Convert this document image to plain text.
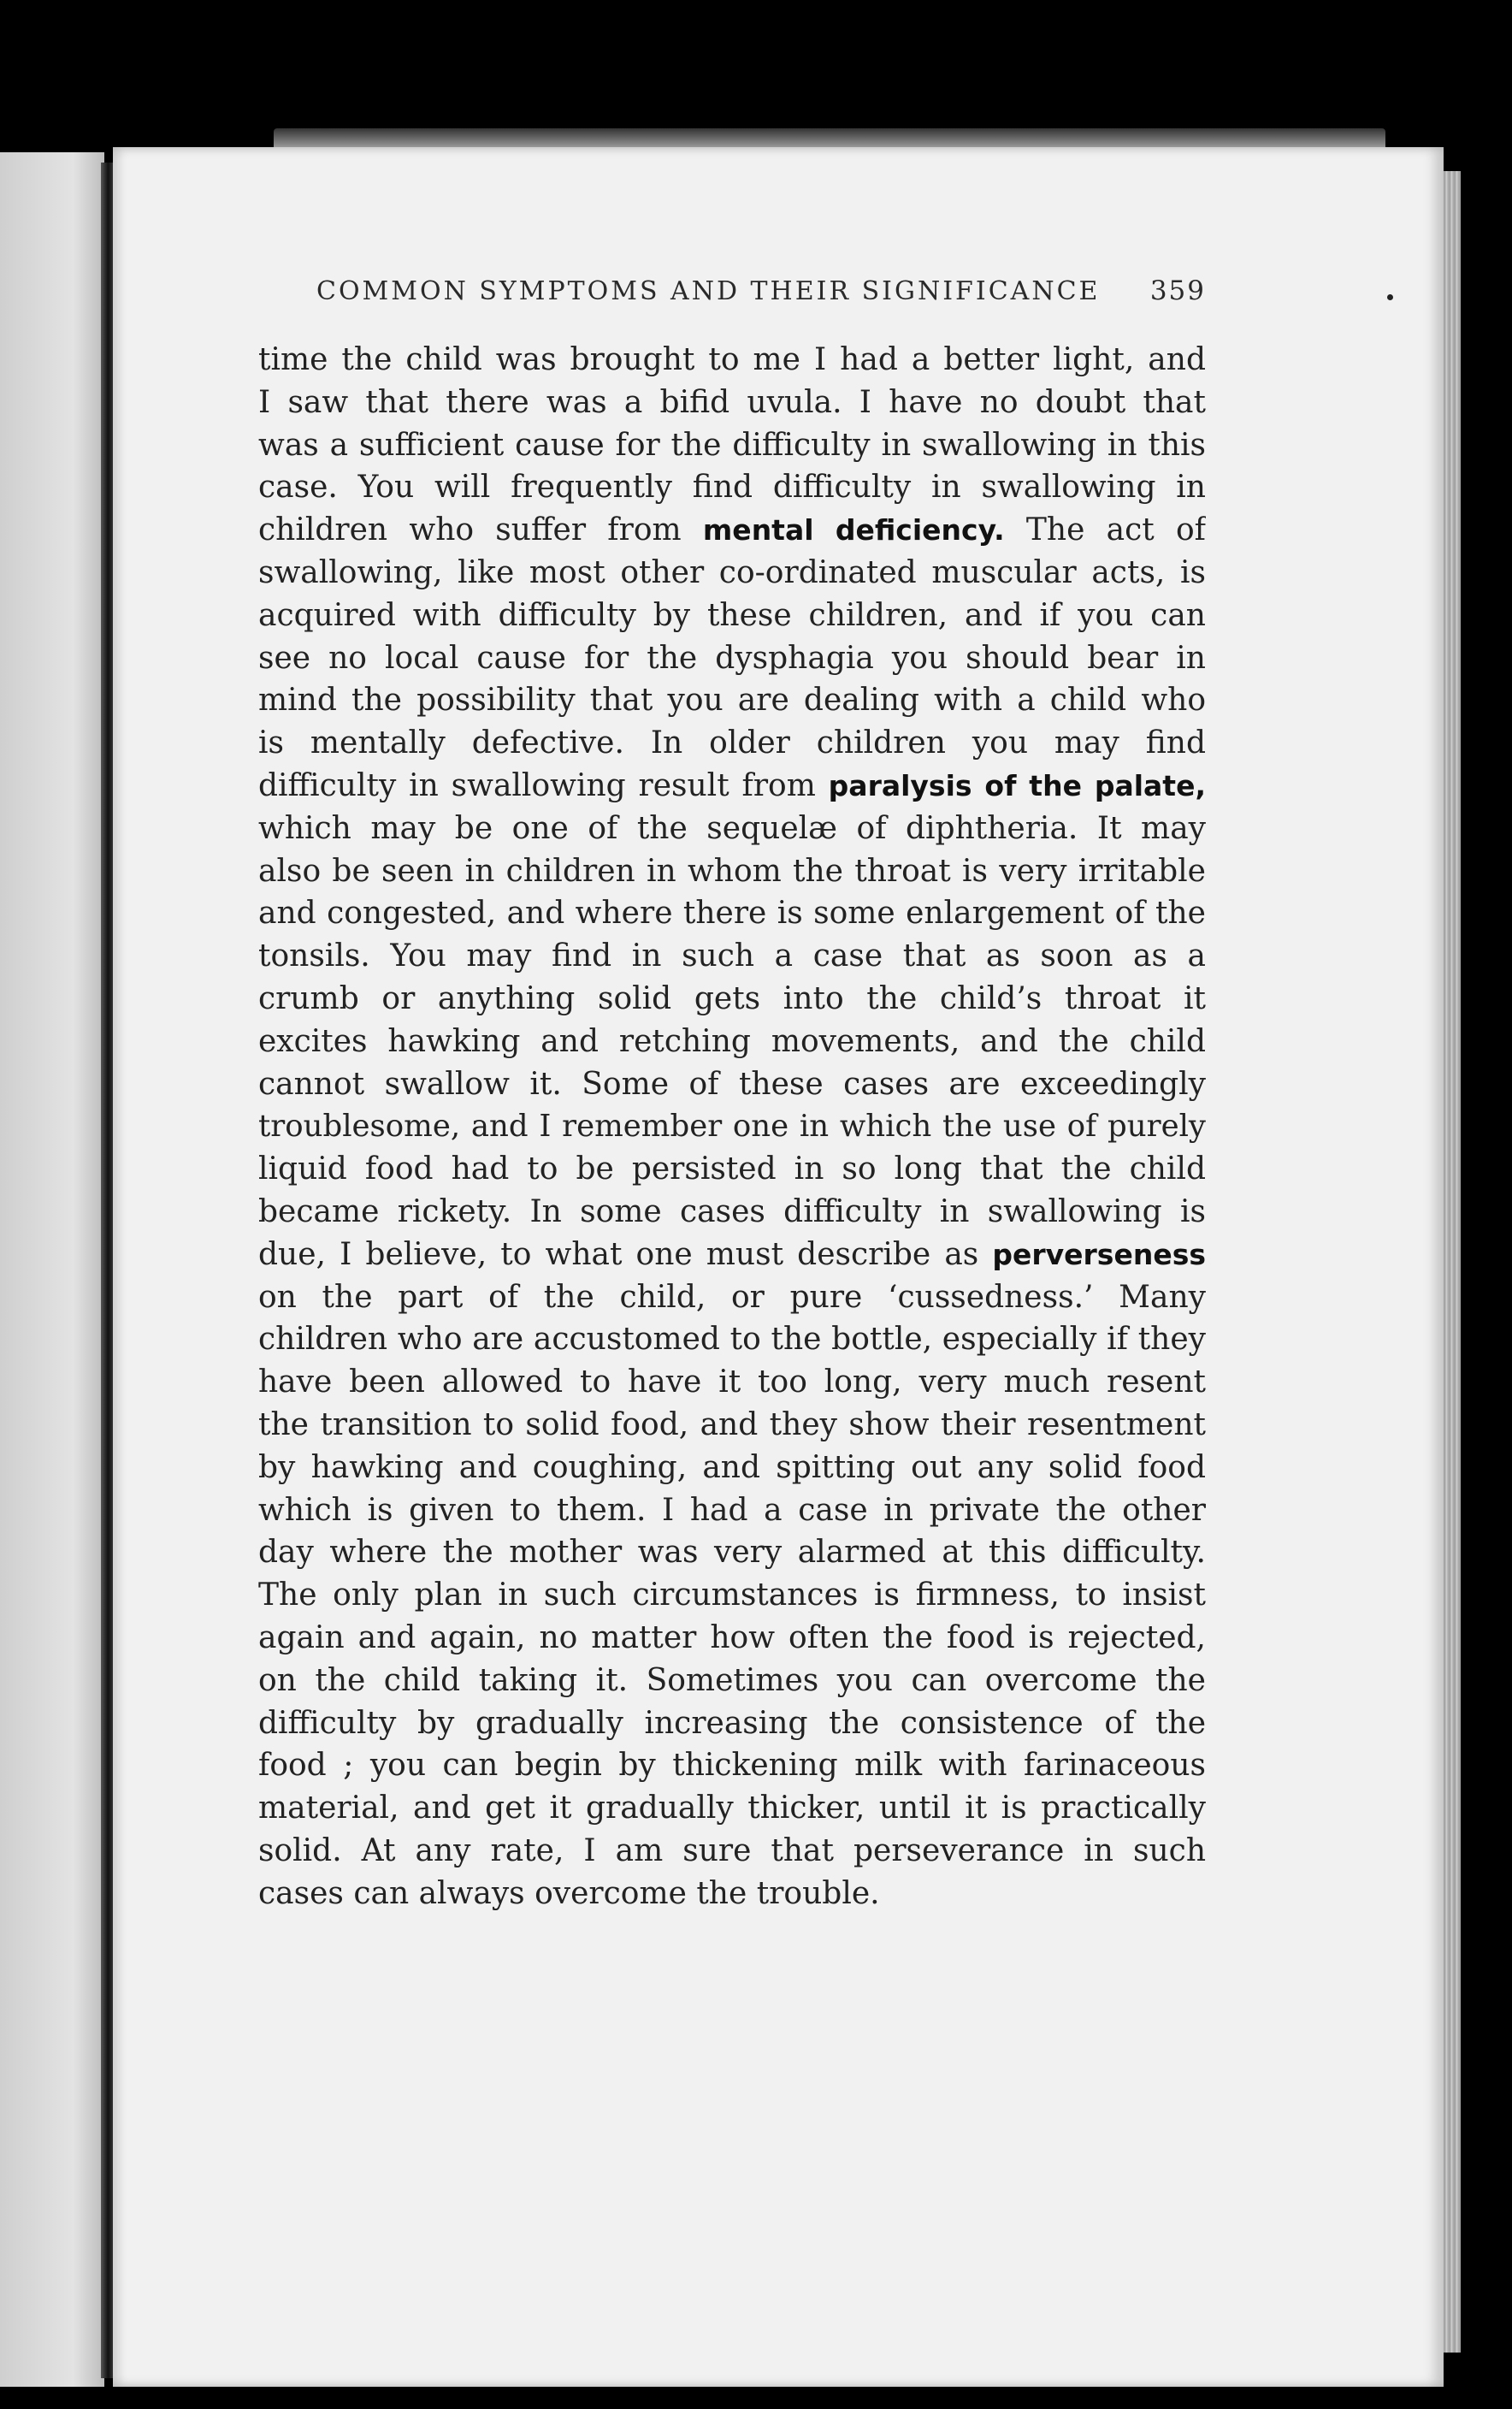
COMMON SYMPTOMS AND THEIR SIGNIFICANCE 359
time the child was brought to me I had a better light, and
I saw that there was a bifid uvula. I have no doubt that
was a sufficient cause for the difficulty in swallowing in this
case. You will frequently find difficulty in swallowing in
children who suffer from mental deficiency. The act of
swallowing, like most other co-ordinated muscular acts, is
acquired with difficulty by these children, and if you can
see no local cause for the dysphagia you should bear in
mind the possibility that you are dealing with a child who
is mentally defective. In older children you may find
difficulty in swallowing result from paralysis of the palate,
which may be one of the sequelæ of diphtheria. It may
also be seen in children in whom the throat is very irritable
and congested, and where there is some enlargement of the
tonsils. You may find in such a case that as soon as a
crumb or anything solid gets into the child’s throat it
excites hawking and retching movements, and the child
cannot swallow it. Some of these cases are exceedingly
troublesome, and I remember one in which the use of purely
liquid food had to be persisted in so long that the child
became rickety. In some cases difficulty in swallowing is
due, I believe, to what one must describe as perverseness
on the part of the child, or pure ‘cussedness.’ Many
children who are accustomed to the bottle, especially if they
have been allowed to have it too long, very much resent
the transition to solid food, and they show their resentment
by hawking and coughing, and spitting out any solid food
which is given to them. I had a case in private the other
day where the mother was very alarmed at this difficulty.
The only plan in such circumstances is firmness, to insist
again and again, no matter how often the food is rejected,
on the child taking it. Sometimes you can overcome the
difficulty by gradually increasing the consistence of the
food ; you can begin by thickening milk with farinaceous
material, and get it gradually thicker, until it is practically
solid. At any rate, I am sure that perseverance in such
cases can always overcome the trouble.
